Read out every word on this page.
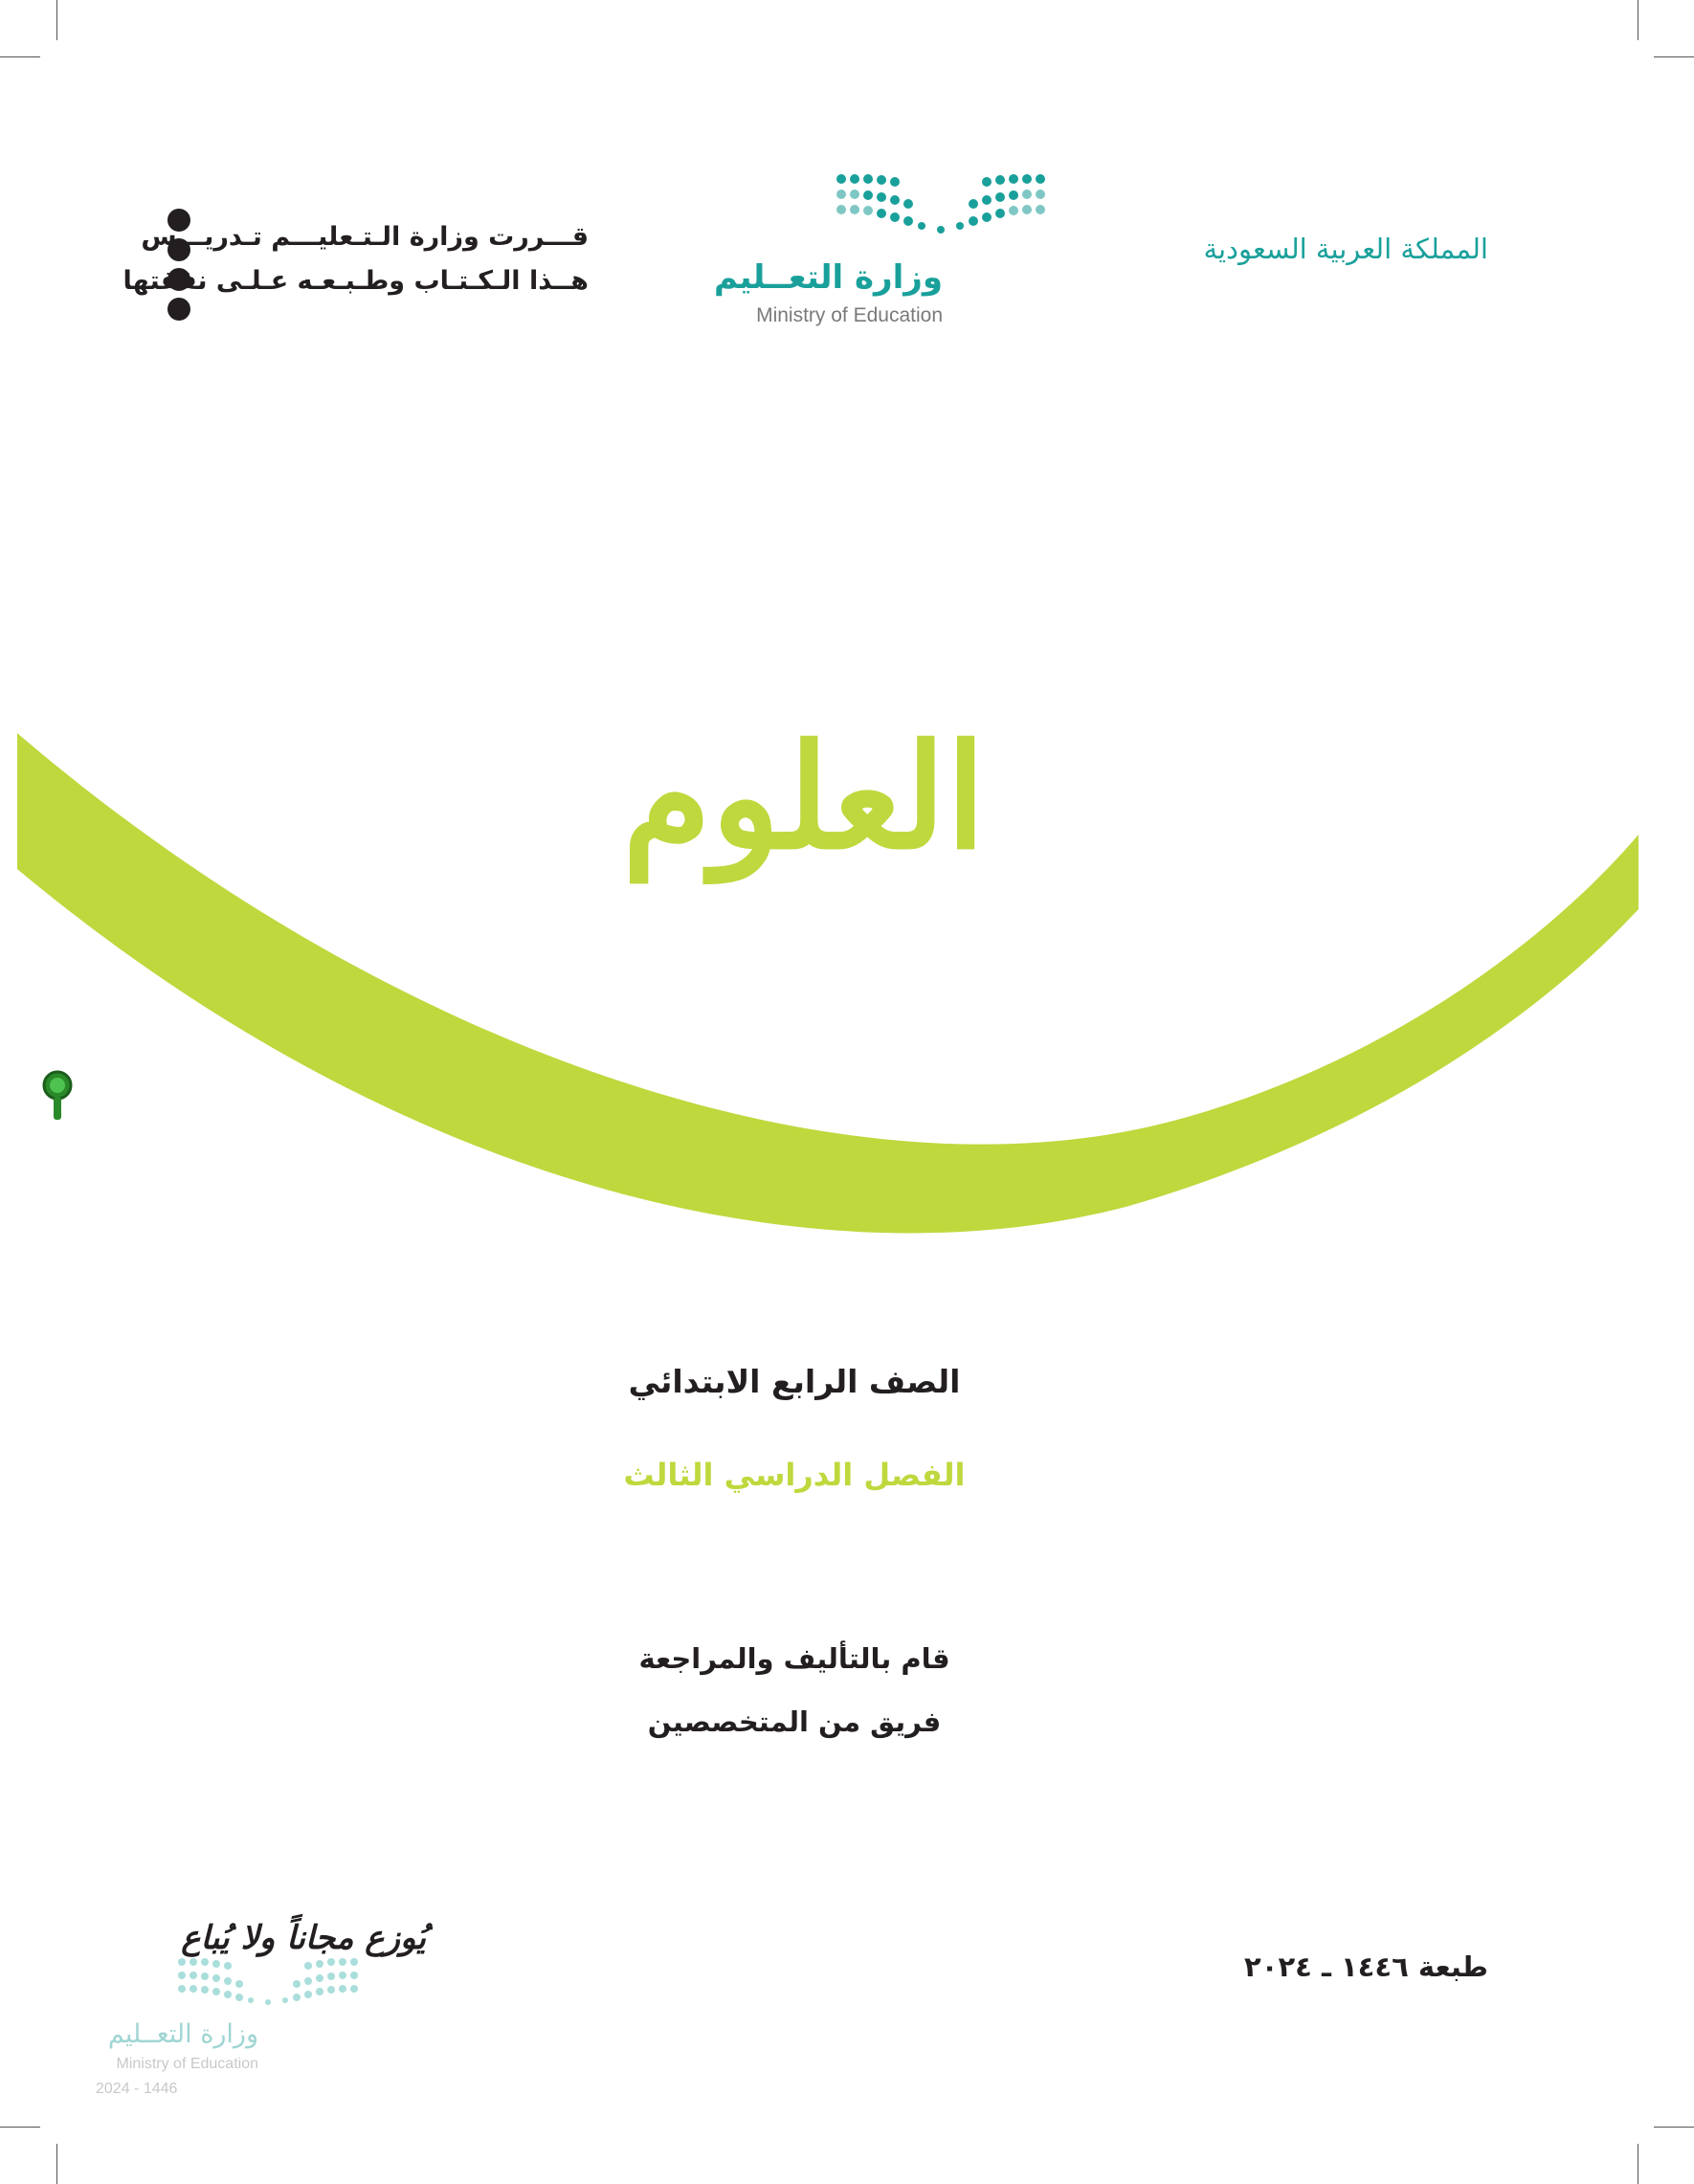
المملكة العربية السعودية
وزارة التعــليم
Ministry of Education
قـــررت وزارة الـتـعليـــم تـدريـــس
هــذا الـكـتـاب وطـبـعـه عـلـى نفقتها
العلوم
الصف الرابع الابتدائي
الفصل الدراسي الثالث
قام بالتأليف والمراجعة
فريق من المتخصصين
طبعة ١٤٤٦ ـ ٢٠٢٤
يُوزع مجاناً ولا يُباع
وزارة التعــليم
Ministry of Education
2024 - 1446
